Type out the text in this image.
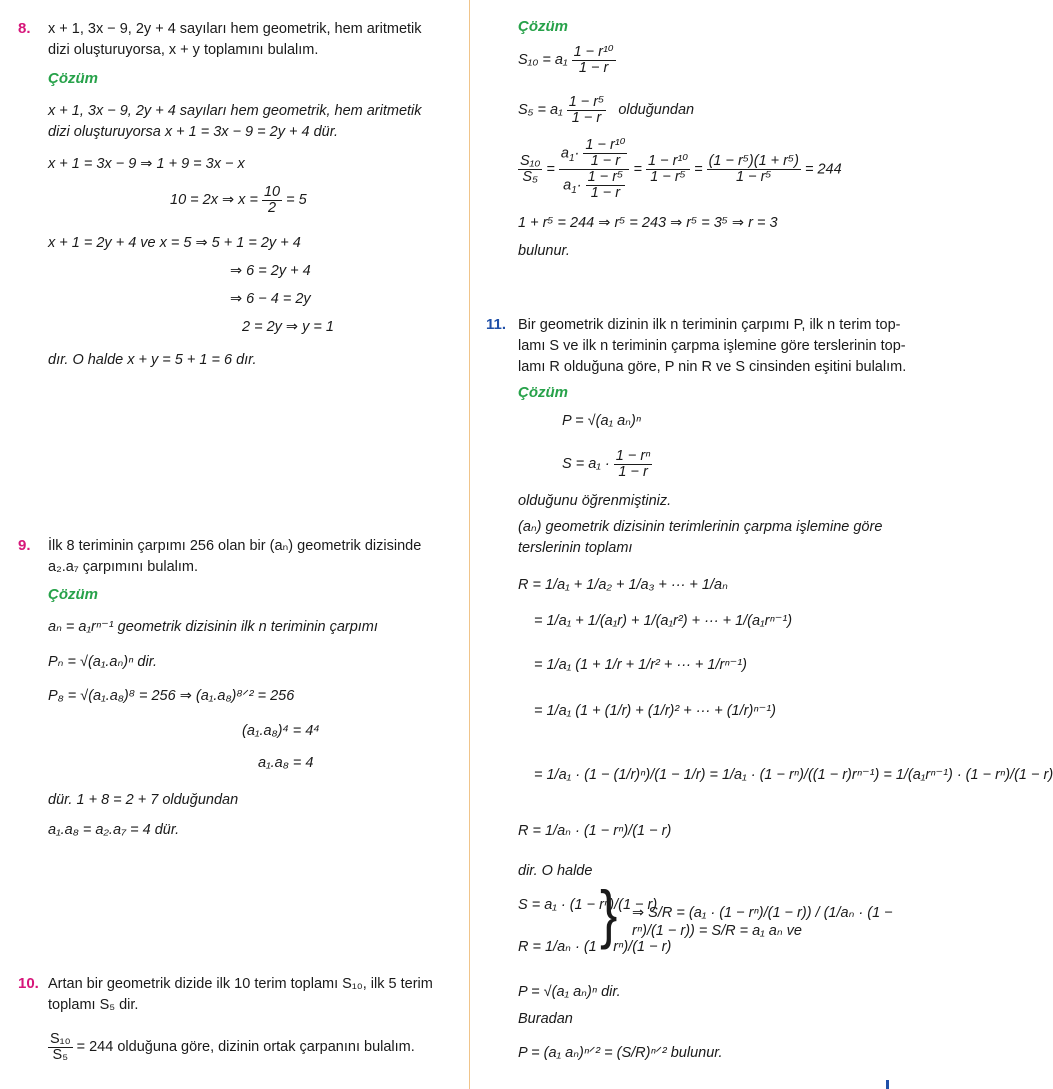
8. x + 1, 3x − 9, 2y + 4 sayıları hem geometrik, hem aritmetik
dizi oluşturuyorsa, x + y toplamını bulalım.
Çözüm
x + 1, 3x − 9, 2y + 4 sayıları hem geometrik, hem aritmetik
dizi oluşturuyorsa x + 1 = 3x − 9 = 2y + 4 dür.
x + 1 = 3x − 9 ⇒ 1 + 9 = 3x − x
10 = 2x ⇒ $x = \frac{10}{2} = 5$
x + 1 = 2y + 4 ve x = 5 ⇒ 5 + 1 = 2y + 4
⇒ 6 = 2y + 4
⇒ 6 − 4 = 2y
2 = 2y ⇒ y = 1
dır. O halde x + y = 5 + 1 = 6 dır.
9. İlk 8 teriminin çarpımı 256 olan bir (aₙ) geometrik dizisinde
a₂.a₇ çarpımını bulalım.
Çözüm
aₙ = a₁rⁿ⁻¹ geometrik dizisinin ilk n teriminin çarpımı
Pₙ = √(a₁.aₙ)ⁿ dir.
P₈ = √(a₁.a₈)⁸ = 256 ⇒ (a₁.a₈)⁸ᐟ² = 256
(a₁.a₈)⁴ = 4⁴
a₁.a₈ = 4
dür. 1 + 8 = 2 + 7 olduğundan
a₁.a₈ = a₂.a₇ = 4 dür.
10. Artan bir geometrik dizide ilk 10 terim toplamı S₁₀, ilk 5 terim
toplamı S₅ dir.
$\frac{\text{S₁₀}}{\text{S₅}} = 244$ olduğuna göre, dizinin ortak çarpanını bulalım.
Çözüm
$S_{10} = a_1 \frac{\text{1 − r¹⁰}}{1 - r}$
$S_5 = a_1 \frac{\text{1 − r⁵}}{1 - r}$ olduğundan
$\frac{\text{S₁₀}}{\text{S₅}} = \frac{a_1\cdot \frac{\text{1 − r¹⁰}}{1 - r}}{a_1\cdot \frac{\text{1 − r⁵}}{1 - r}} = \frac{\text{1 − r¹⁰}}{\text{1 − r⁵}} = \frac{\text{(1 − r⁵)(1 + r⁵)}}{\text{1 − r⁵}} = 244$
1 + r⁵ = 244 ⇒ r⁵ = 243 ⇒ r⁵ = 3⁵ ⇒ r = 3
bulunur.
11. Bir geometrik dizinin ilk n teriminin çarpımı P, ilk n terim top-
lamı S ve ilk n teriminin çarpma işlemine göre terslerinin top-
lamı R olduğuna göre, P nin R ve S cinsinden eşitini bulalım.
Çözüm
P = √(a₁ aₙ)ⁿ
$S = a_1 \cdot \frac{\text{1 − rⁿ}}{1 - r}$
olduğunu öğrenmiştiniz.
(aₙ) geometrik dizisinin terimlerinin çarpma işlemine göre
terslerinin toplamı
R = 1/a₁ + 1/a₂ + 1/a₃ + ··· + 1/aₙ
= 1/a₁ + 1/(a₁r) + 1/(a₁r²) + ··· + 1/(a₁rⁿ⁻¹)
= 1/a₁ (1 + 1/r + 1/r² + ··· + 1/rⁿ⁻¹)
= 1/a₁ (1 + (1/r) + (1/r)² + ··· + (1/r)ⁿ⁻¹)
= 1/a₁ · (1 − (1/r)ⁿ)/(1 − 1/r) = 1/a₁ · (1 − rⁿ)/((1 − r)rⁿ⁻¹) = 1/(a₁rⁿ⁻¹) · (1 − rⁿ)/(1 − r)
R = 1/aₙ · (1 − rⁿ)/(1 − r)
dir. O halde
S = a₁ · (1 − rⁿ)/(1 − r)
R = 1/aₙ · (1 − rⁿ)/(1 − r)
} ⇒ S/R = (a₁ · (1 − rⁿ)/(1 − r)) / (1/aₙ · (1 − rⁿ)/(1 − r)) = S/R = a₁ aₙ ve
P = √(a₁ aₙ)ⁿ dir.
Buradan
P = (a₁ aₙ)ⁿᐟ² = (S/R)ⁿᐟ² bulunur.
